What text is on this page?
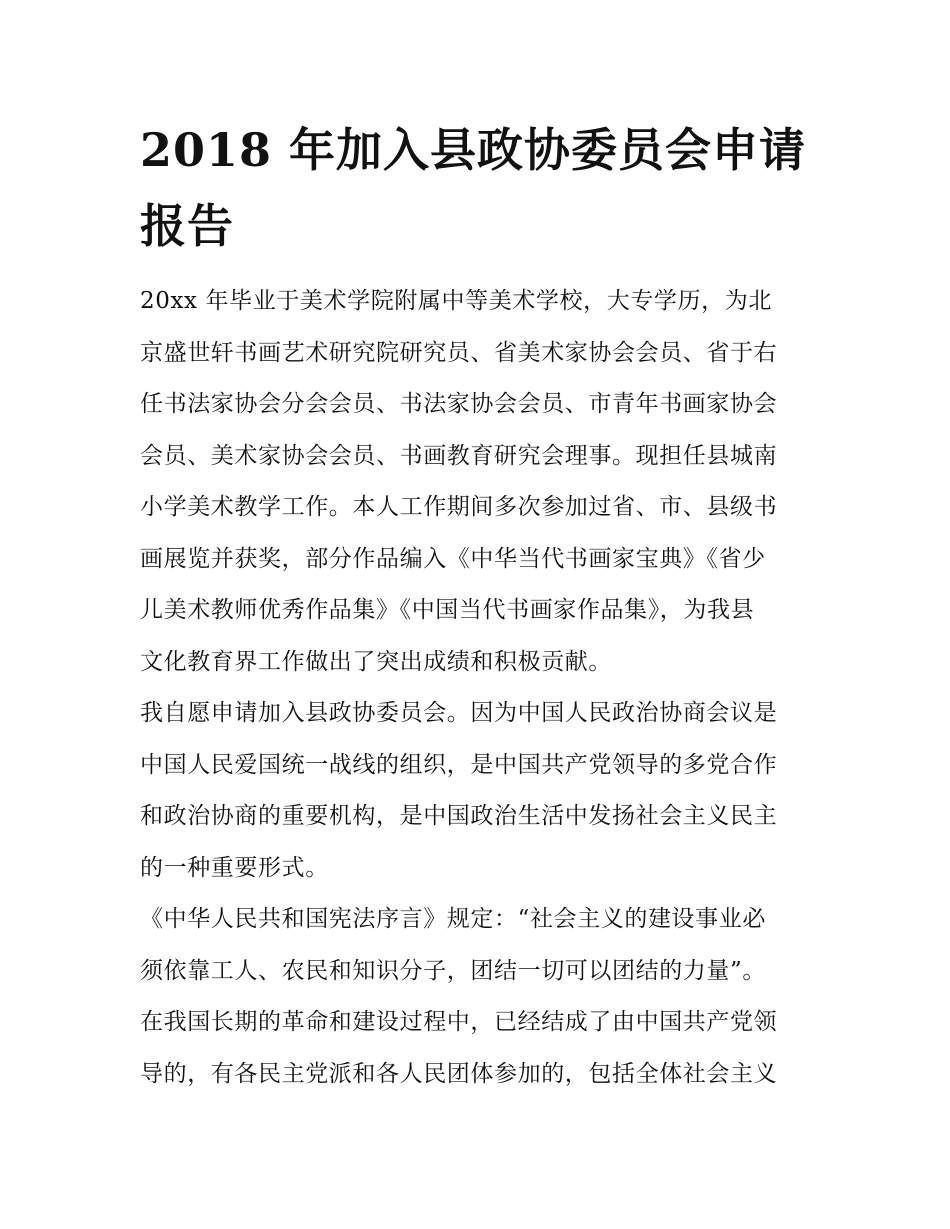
2018 年加入县政协委员会申请
报告
20xx 年毕业于美术学院附属中等美术学校，大专学历，为北
京盛世轩书画艺术研究院研究员、省美术家协会会员、省于右
任书法家协会分会会员、书法家协会会员、市青年书画家协会
会员、美术家协会会员、书画教育研究会理事。现担任县城南
小学美术教学工作。本人工作期间多次参加过省、市、县级书
画展览并获奖，部分作品编入《中华当代书画家宝典》《省少
儿美术教师优秀作品集》《中国当代书画家作品集》，为我县
文化教育界工作做出了突出成绩和积极贡献。
我自愿申请加入县政协委员会。因为中国人民政治协商会议是
中国人民爱国统一战线的组织，是中国共产党领导的多党合作
和政治协商的重要机构，是中国政治生活中发扬社会主义民主
的一种重要形式。
《中华人民共和国宪法序言》规定：“社会主义的建设事业必
须依靠工人、农民和知识分子，团结一切可以团结的力量”。
在我国长期的革命和建设过程中，已经结成了由中国共产党领
导的，有各民主党派和各人民团体参加的，包括全体社会主义
